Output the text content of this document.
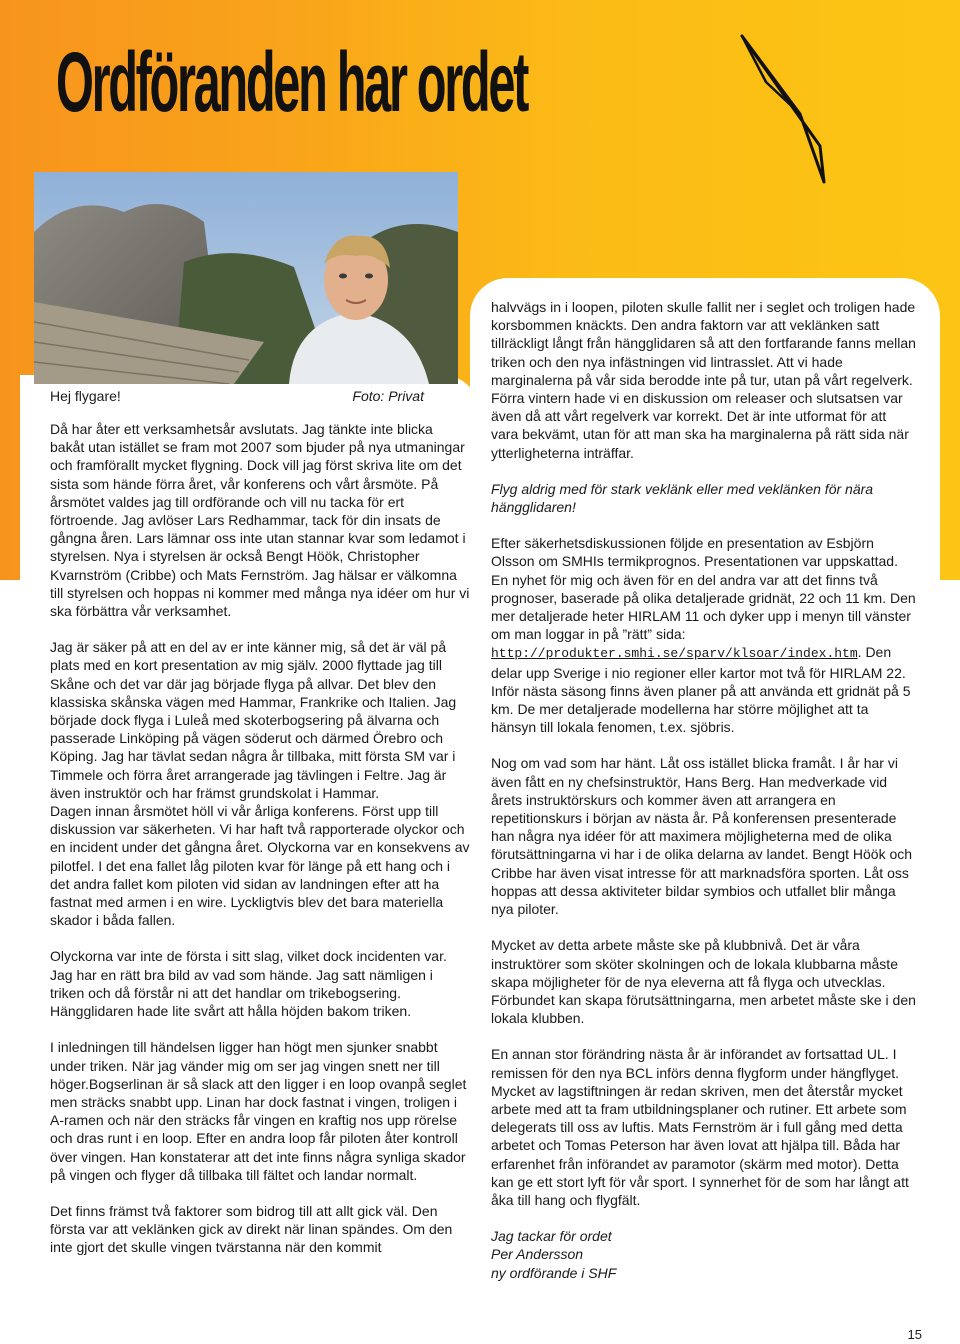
Ordföranden har ordet
Hej flygare!	Foto: Privat

Då har åter ett verksamhetsår avslutats. Jag tänkte inte blicka bakåt utan istället se fram mot 2007 som bjuder på nya utmaningar och framförallt mycket flygning. Dock vill jag först skriva lite om det sista som hände förra året, vår konferens och vårt årsmöte. På årsmötet valdes jag till ordförande och vill nu tacka för ert förtroende. Jag avlöser Lars Redhammar, tack för din insats de gångna åren. Lars lämnar oss inte utan stannar kvar som ledamot i styrelsen. Nya i styrelsen är också Bengt Höök, Christopher Kvarnström (Cribbe) och Mats Fernström. Jag hälsar er välkomna till styrelsen och hoppas ni kommer med många nya idéer om hur vi ska förbättra vår verksamhet.

Jag är säker på att en del av er inte känner mig, så det är väl på plats med en kort presentation av mig själv. 2000 flyttade jag till Skåne och det var där jag började flyga på allvar. Det blev den klassiska skånska vägen med Hammar, Frankrike och Italien. Jag började dock flyga i Luleå med skoterbogsering på älvarna och passerade Linköping på vägen söderut och därmed Örebro och Köping. Jag har tävlat sedan några år tillbaka, mitt första SM var i Timmele och förra året arrangerade jag tävlingen i Feltre. Jag är även instruktör och har främst grundskolat i Hammar.

Dagen innan årsmötet höll vi vår årliga konferens. Först upp till diskussion var säkerheten. Vi har haft två rapporterade olyckor och en incident under det gångna året. Olyckorna var en konsekvens av pilotfel. I det ena fallet låg piloten kvar för länge på ett hang och i det andra fallet kom piloten vid sidan av landningen efter att ha fastnat med armen i en wire. Lyckligtvis blev det bara materiella skador i båda fallen.

Olyckorna var inte de första i sitt slag, vilket dock incidenten var. Jag har en rätt bra bild av vad som hände. Jag satt nämligen i triken och då förstår ni att det handlar om trikebogsering. Hängglidaren hade lite svårt att hålla höjden bakom triken.

I inledningen till händelsen ligger han högt men sjunker snabbt under triken. När jag vänder mig om ser jag vingen snett ner till höger.Bogserlinan är så slack att den ligger i en loop ovanpå seglet men sträcks snabbt upp. Linan har dock fastnat i vingen, troligen i A-ramen och när den sträcks får vingen en kraftig nos upp rörelse och dras runt i en loop. Efter en andra loop får piloten åter kontroll över vingen. Han konstaterar att det inte finns några synliga skador på vingen och flyger då tillbaka till fältet och landar normalt.

Det finns främst två faktorer som bidrog till att allt gick väl. Den första var att veklänken gick av direkt när linan spändes. Om den inte gjort det skulle vingen tvärstanna när den kommit

halvvägs in i loopen, piloten skulle fallit ner i seglet och troligen hade korsbommen knäckts. Den andra faktorn var att veklänken satt tillräckligt långt från hängglidaren så att den fortfarande fanns mellan triken och den nya infästningen vid lintrasslet. Att vi hade marginalerna på vår sida berodde inte på tur, utan på vårt regelverk. Förra vintern hade vi en diskussion om releaser och slutsatsen var även då att vårt regelverk var korrekt. Det är inte utformat för att vara bekvämt, utan för att man ska ha marginalerna på rätt sida när ytterligheterna inträffar.

Flyg aldrig med för stark veklänk eller med veklänken för nära hängglidaren!

Efter säkerhetsdiskussionen följde en presentation av Esbjörn Olsson om SMHIs termikprognos. Presentationen var uppskattad. En nyhet för mig och även för en del andra var att det finns två prognoser, baserade på olika detaljerade gridnät, 22 och 11 km. Den mer detaljerade heter HIRLAM 11 och dyker upp i menyn till vänster om man loggar in på ”rätt” sida: http://produkter.smhi.se/sparv/klsoar/index.htm. Den delar upp Sverige i nio regioner eller kartor mot två för HIRLAM 22. Inför nästa säsong finns även planer på att använda ett gridnät på 5 km. De mer detaljerade modellerna har större möjlighet att ta hänsyn till lokala fenomen, t.ex. sjöbris.

Nog om vad som har hänt. Låt oss istället blicka framåt. I år har vi även fått en ny chefsinstruktör, Hans Berg. Han medverkade vid årets instruktörskurs och kommer även att arrangera en repetitionskurs i början av nästa år. På konferensen presenterade han några nya idéer för att maximera möjligheterna med de olika förutsättningarna vi har i de olika delarna av landet. Bengt Höök och Cribbe har även visat intresse för att marknadsföra sporten. Låt oss hoppas att dessa aktiviteter bildar symbios och utfallet blir många nya piloter.

Mycket av detta arbete måste ske på klubbnivå. Det är våra instruktörer som sköter skolningen och de lokala klubbarna måste skapa möjligheter för de nya eleverna att få flyga och utvecklas. Förbundet kan skapa förutsättningarna, men arbetet måste ske i den lokala klubben.

En annan stor förändring nästa år är införandet av fortsattad UL. I remissen för den nya BCL införs denna flygform under hängflyget. Mycket av lagstiftningen är redan skriven, men det återstår mycket arbete med att ta fram utbildningsplaner och rutiner. Ett arbete som delegerats till oss av luftis. Mats Fernström är i full gång med detta arbetet och Tomas Peterson har även lovat att hjälpa till. Båda har erfarenhet från införandet av paramotor (skärm med motor). Detta kan ge ett stort lyft för vår sport. I synnerhet för de som har långt att åka till hang och flygfält.

Jag tackar för ordet
Per Andersson
ny ordförande i SHF
15
